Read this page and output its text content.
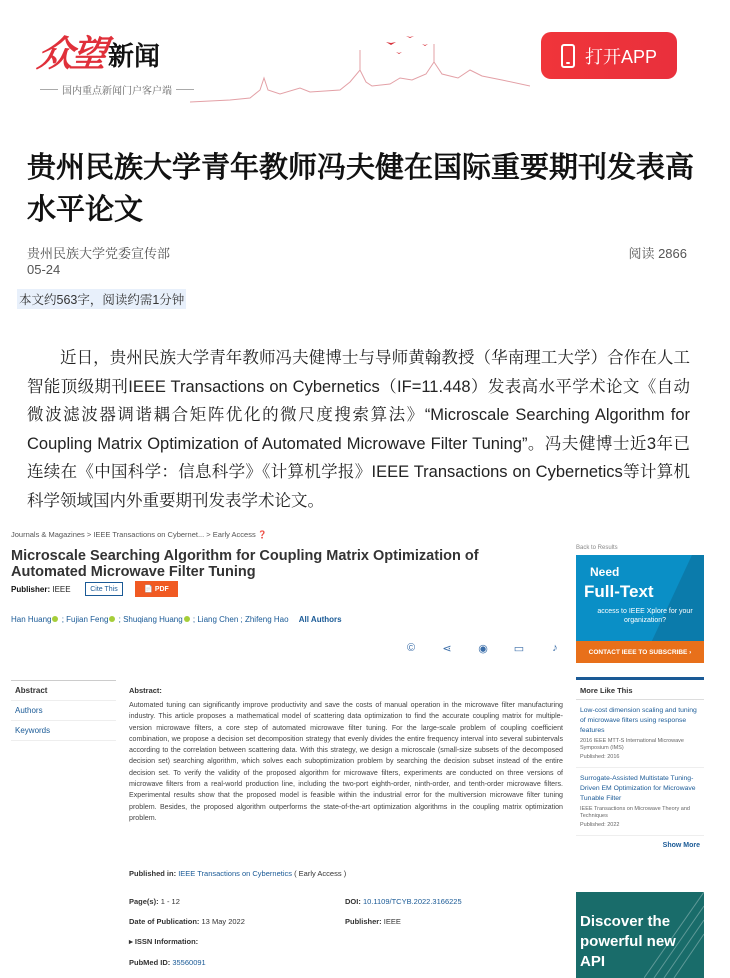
众望 新闻
国内重点新闻门户客户端
打开APP
贵州民族大学青年教师冯夫健在国际重要期刊发表高水平论文
贵州民族大学党委宣传部
05-24
阅读 2866
本文约563字，阅读约需1分钟

近日，贵州民族大学青年教师冯夫健博士与导师黄翰教授（华南理工大学）合作在人工智能顶级期刊IEEE Transactions on Cybernetics（IF=11.448）发表高水平学术论文《自动微波滤波器调谐耦合矩阵优化的微尺度搜索算法》“Microscale Searching Algorithm for Coupling Matrix Optimization of Automated Microwave Filter Tuning”。冯夫健博士近3年已连续在《中国科学：信息科学》《计算机学报》IEEE Transactions on Cybernetics等计算机科学领域国内外重要期刊发表学术论文。

Journals & Magazines > IEEE Transactions on Cybernet... > Early Access ❓
Back to Results
Microscale Searching Algorithm for Coupling Matrix Optimization of Automated Microwave Filter Tuning
Publisher: IEEE	Cite This	📄 PDF
Han Huang ; Fujian Feng ; Shuqiang Huang ; Liang Chen ; Zhifeng Hao All Authors
© ⋖ ◉ ▭	♪
Abstract
Authors
Keywords
Abstract:
Automated tuning can significantly improve productivity and save the costs of manual operation in the microwave filter manufacturing industry. This article proposes a mathematical model of scattering data optimization to find the accurate coupling matrix for multiple-version microwave filters, a core step of automated microwave filter tuning. For the large-scale problem of coupling coefficient combination, we propose a decision set decomposition strategy that evenly divides the entire frequency interval into several subintervals according to the correlation between scattering data. With this strategy, we design a microscale (small-size subsets of the decomposed decision set) searching algorithm, which solves each suboptimization problem by searching the decision subset instead of the entire decision set. To verify the validity of the proposed algorithm for microwave filters, experiments are conducted on three versions of microwave filters from a real-world production line, including the two-port eighth-order, ninth-order, and tenth-order microwave filters. Experimental results show that the proposed model is feasible within the industrial error for the multiversion microwave filter tuning problem. Besides, the proposed algorithm outperforms the state-of-the-art optimization algorithms in the coupling matrix optimization problem.
Published in: IEEE Transactions on Cybernetics ( Early Access )
Page(s): 1 - 12	DOI: 10.1109/TCYB.2022.3166225
Date of Publication: 13 May 2022	Publisher: IEEE
▸ ISSN Information:
PubMed ID: 35560091
Need
Full-Text
access to IEEE Xplore for your organization?
CONTACT IEEE TO SUBSCRIBE ›
More Like This
Low-cost dimension scaling and tuning of microwave filters using response features
2016 IEEE MTT-S International Microwave Symposium (IMS)
Published: 2016
Surrogate-Assisted Multistate Tuning-Driven EM Optimization for Microwave Tunable Filter
IEEE Transactions on Microwave Theory and Techniques
Published: 2022
Show More
Discover the powerful new API
